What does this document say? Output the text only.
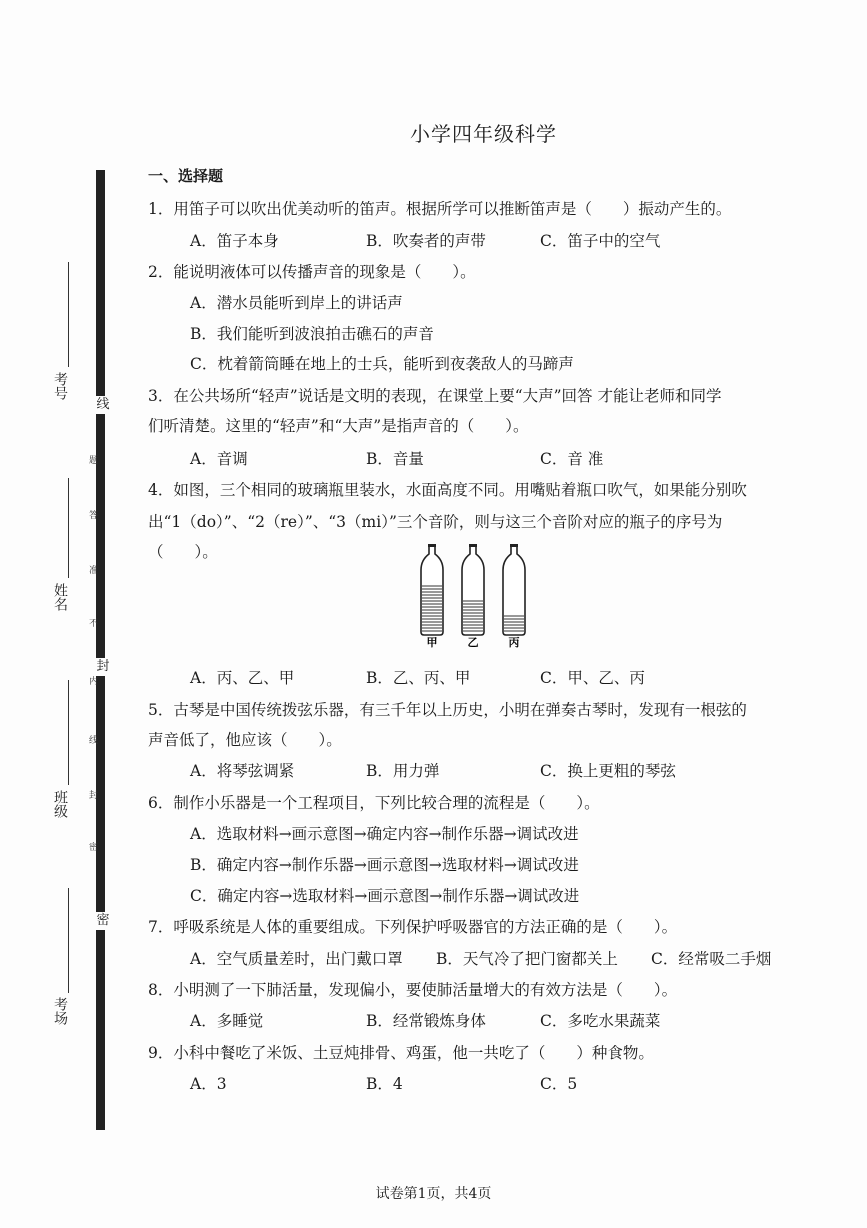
线
封
密
题
答
准
不
内
线
封
密
考号
姓名
班级
考场
小学四年级科学
一、选择题
1．用笛子可以吹出优美动听的笛声。根据所学可以推断笛声是（　　）振动产生的。
A．笛子本身	B．吹奏者的声带	C．笛子中的空气
2．能说明液体可以传播声音的现象是（　　）。
A．潜水员能听到岸上的讲话声
B．我们能听到波浪拍击礁石的声音
C．枕着箭筒睡在地上的士兵，能听到夜袭敌人的马蹄声
3．在公共场所“轻声”说话是文明的表现，在课堂上要“大声”回答 才能让老师和同学
们听清楚。这里的“轻声”和“大声”是指声音的（　　）。
A．音调	B．音量	C．音 准
4．如图，三个相同的玻璃瓶里装水，水面高度不同。用嘴贴着瓶口吹气，如果能分别吹
出“1（do）”、“2（re）”、“3（mi）”三个音阶，则与这三个音阶对应的瓶子的序号为
（　　）。
甲	乙	丙
A．丙、乙、甲	B．乙、丙、甲	C．甲、乙、丙
5．古琴是中国传统拨弦乐器，有三千年以上历史，小明在弹奏古琴时，发现有一根弦的
声音低了，他应该（　　）。
A．将琴弦调紧	B．用力弹	C．换上更粗的琴弦
6．制作小乐器是一个工程项目，下列比较合理的流程是（　　）。
A．选取材料→画示意图→确定内容→制作乐器→调试改进
B．确定内容→制作乐器→画示意图→选取材料→调试改进
C．确定内容→选取材料→画示意图→制作乐器→调试改进
7．呼吸系统是人体的重要组成。下列保护呼吸器官的方法正确的是（　　）。
A．空气质量差时，出门戴口罩 B．天气冷了把门窗都关上 C．经常吸二手烟
8．小明测了一下肺活量，发现偏小，要使肺活量增大的有效方法是（　　）。
A．多睡觉	B．经常锻炼身体	C．多吃水果蔬菜
9．小科中餐吃了米饭、土豆炖排骨、鸡蛋，他一共吃了（　　）种食物。
A．3	B．4	C．5
试卷第1页，共4页
